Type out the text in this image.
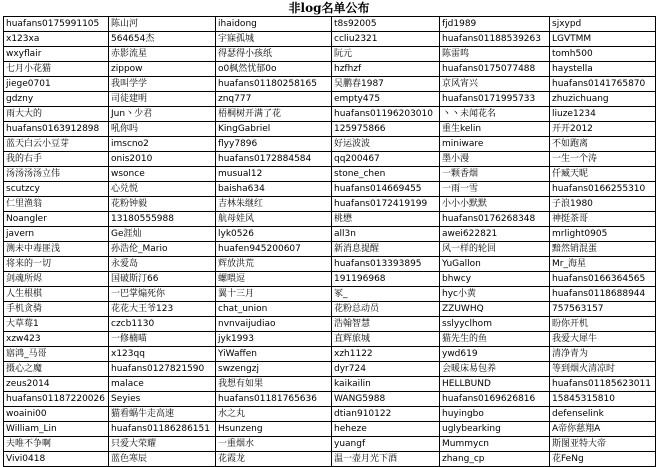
非log名单公布
huafans0175991105	陈山河	ihaidong	t8s92005	fjd1989	sjxypd
x123xa	564654杰	宇寐孤城	ccliu2321	huafans01188539263	LGVTMM
wxyflair	赤影流星	得瑟得小孩纸	阮元	陈雷鸣	tomh500
七月小花猫	zippow	o0枫然忧郁0o	hzfhzf	huafans0175077488	haystella
jiege0701	我叫学学	huafans01180258165	吴鹏春1987	京风宵兴	huafans0141765870
gdzny	司徒建明	znq777	empty475	huafans0171995733	zhuzichuang
雨大大的	Jun丶少君	梧桐树开满了花	huafans01196203010	丶丶未闻花名	liuze1234
huafans0163912898	吼你吗	KingGabriel	125975866	重生kelin	开开2012
蓝天白云小豆芽	imscno2	flyy7896	好运波波	miniware	不如跑离
我的右手	onis2010	huafans0172884584	qq200467	墨小漫	一生一个涛
汤汤汤汤立伟	wsonce	musual12	stone_chen	一颗香烟	仟臧天昵
scutzcy	心兑悦	baisha634	huafans014669455	一雨一雪	huafans0166255310
仁里渔翁	花粉钟毅	吉林朱继红	huafans0172419199	小小小默默	子浪1980
Noangler	13180555988	航母娃风	桃懋	huafans0176268348	神挺茶哥
javern	Ge涯灿	lyk0526	all3n	awei622821	mrlight0905
测未中毒匪浅	孙浩伦_Mario	huafen945200607	新消息提醒	风一样的轮回	黯然销混蛋
将来的一切	永爱岛	辉放洪荒	huafans013393895	YuGallon	Mr_海星
剑魂所烬	国破斯汀66	螺喂逗	191196968	bhwcy	huafans0166364565
人生根棋	一巴掌煽死你	翼十三月	冢_	hyc小黄	huafans0118688944
手机贪骑	花花大王爷123	chat_union	花粉总动员	ZZUWHQ	757563157
大草莓1	czcb1130	nvnvaijudiao	浩翰智慧	sslyyclhom	盼你开机
xzw423	一修楠喵	jyk1993	直辉旅城	猫先生的鱼	我爱大犀牛
寤鸿_马哥	x123qq	YiWaffen	xzh1122	ywd619	清净青为
摄心之魔	huafans0127821590	swzengzj	dyr724	会暖床易包养	等到烟火清凉时
zeus2014	malace	我想有如果	kaikailin	HELLBUND	huafans01185623011
huafans01187220026	Seyies	huafans01181765636	WANG5988	huafans0169626816	15845315810
woaini00	猫看蜗牛走高速	水之丸	dtian910122	huyingbo	defenselink
William_Lin	huafans01186286151	Hsunzeng	heheze	uglybearking	A帝你慈翔A
夫唯不争啊	只爱大荣耀	一重烟水	yuangf	Mummycn	斯图亚特大帝
Vivi0418	蓝色寒辰	花霞龙	温一壶月光下酒	zhang_cp	花FeNg
